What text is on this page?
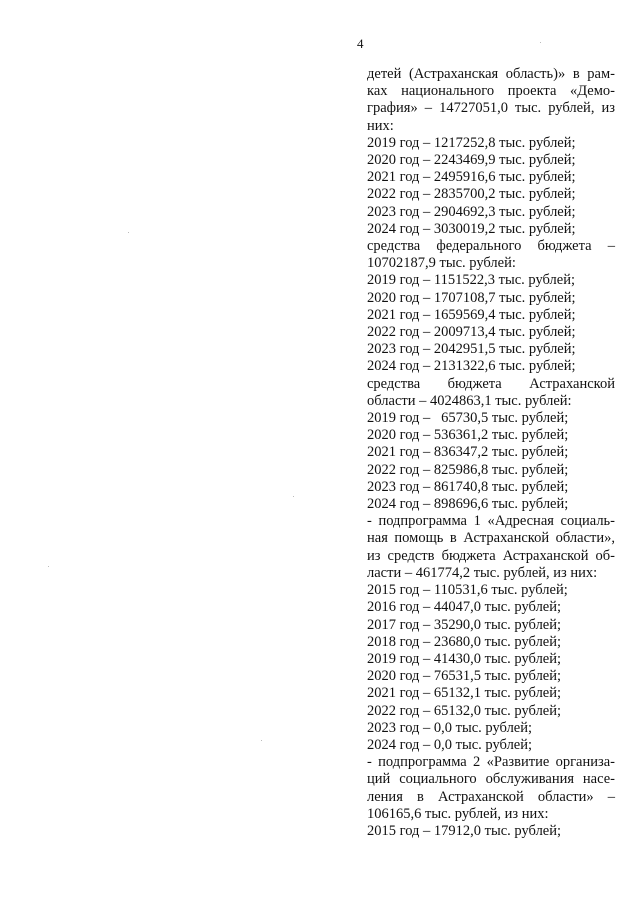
4
детей (Астраханская область)» в рам-
ках национального проекта «Демо-
графия» – 14727051,0 тыс. рублей, из
них:
2019 год – 1217252,8 тыс. рублей;
2020 год – 2243469,9 тыс. рублей;
2021 год – 2495916,6 тыс. рублей;
2022 год – 2835700,2 тыс. рублей;
2023 год – 2904692,3 тыс. рублей;
2024 год – 3030019,2 тыс. рублей;
средства федерального бюджета –
10702187,9 тыс. рублей:
2019 год – 1151522,3 тыс. рублей;
2020 год – 1707108,7 тыс. рублей;
2021 год – 1659569,4 тыс. рублей;
2022 год – 2009713,4 тыс. рублей;
2023 год – 2042951,5 тыс. рублей;
2024 год – 2131322,6 тыс. рублей;
средства бюджета Астраханской
области – 4024863,1 тыс. рублей:
2019 год –   65730,5 тыс. рублей;
2020 год – 536361,2 тыс. рублей;
2021 год – 836347,2 тыс. рублей;
2022 год – 825986,8 тыс. рублей;
2023 год – 861740,8 тыс. рублей;
2024 год – 898696,6 тыс. рублей;
- подпрограмма 1 «Адресная социаль-
ная помощь в Астраханской области»,
из средств бюджета Астраханской об-
ласти – 461774,2 тыс. рублей, из них:
2015 год – 110531,6 тыс. рублей;
2016 год – 44047,0 тыс. рублей;
2017 год – 35290,0 тыс. рублей;
2018 год – 23680,0 тыс. рублей;
2019 год – 41430,0 тыс. рублей;
2020 год – 76531,5 тыс. рублей;
2021 год – 65132,1 тыс. рублей;
2022 год – 65132,0 тыс. рублей;
2023 год – 0,0 тыс. рублей;
2024 год – 0,0 тыс. рублей;
- подпрограмма 2 «Развитие организа-
ций социального обслуживания насе-
ления в Астраханской области» –
106165,6 тыс. рублей, из них:
2015 год – 17912,0 тыс. рублей;
